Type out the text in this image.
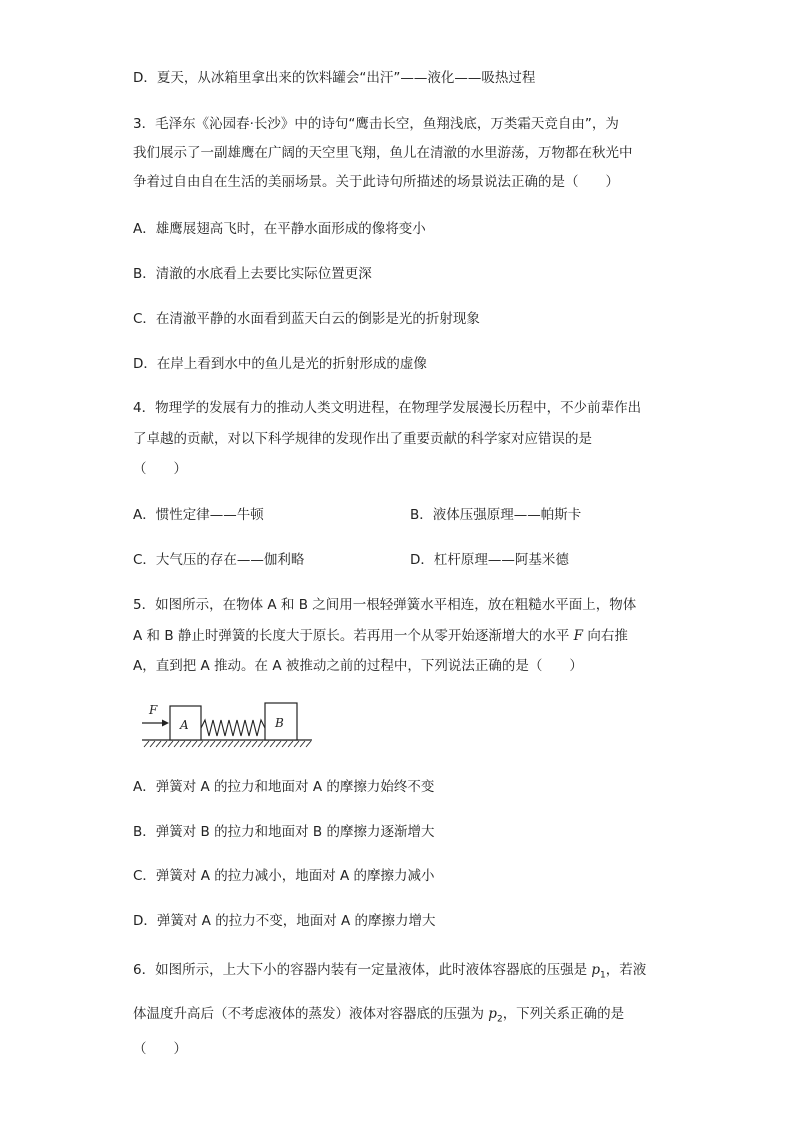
D．夏天，从冰箱里拿出来的饮料罐会“出汗”——液化——吸热过程
3．毛泽东《沁园春·长沙》中的诗句“鹰击长空，鱼翔浅底，万类霜天竞自由”，为
我们展示了一副雄鹰在广阔的天空里飞翔，鱼儿在清澈的水里游荡，万物都在秋光中
争着过自由自在生活的美丽场景。关于此诗句所描述的场景说法正确的是（　　）
A．雄鹰展翅高飞时，在平静水面形成的像将变小
B．清澈的水底看上去要比实际位置更深
C．在清澈平静的水面看到蓝天白云的倒影是光的折射现象
D．在岸上看到水中的鱼儿是光的折射形成的虚像
4．物理学的发展有力的推动人类文明进程，在物理学发展漫长历程中，不少前辈作出
了卓越的贡献，对以下科学规律的发现作出了重要贡献的科学家对应错误的是
（　　）
A．惯性定律——牛顿	B．液体压强原理——帕斯卡
C．大气压的存在——伽利略	D．杠杆原理——阿基米德
5．如图所示，在物体 A 和 B 之间用一根轻弹簧水平相连，放在粗糙水平面上，物体
A 和 B 静止时弹簧的长度大于原长。若再用一个从零开始逐渐增大的水平 F 向右推
A，直到把 A 推动。在 A 被推动之前的过程中，下列说法正确的是（　　）
F
A	B
A．弹簧对 A 的拉力和地面对 A 的摩擦力始终不变
B．弹簧对 B 的拉力和地面对 B 的摩擦力逐渐增大
C．弹簧对 A 的拉力减小，地面对 A 的摩擦力减小
D．弹簧对 A 的拉力不变，地面对 A 的摩擦力增大
6．如图所示，上大下小的容器内装有一定量液体，此时液体容器底的压强是 $p_1$，若液
体温度升高后（不考虑液体的蒸发）液体对容器底的压强为 $p_2$，下列关系正确的是
（　　）
